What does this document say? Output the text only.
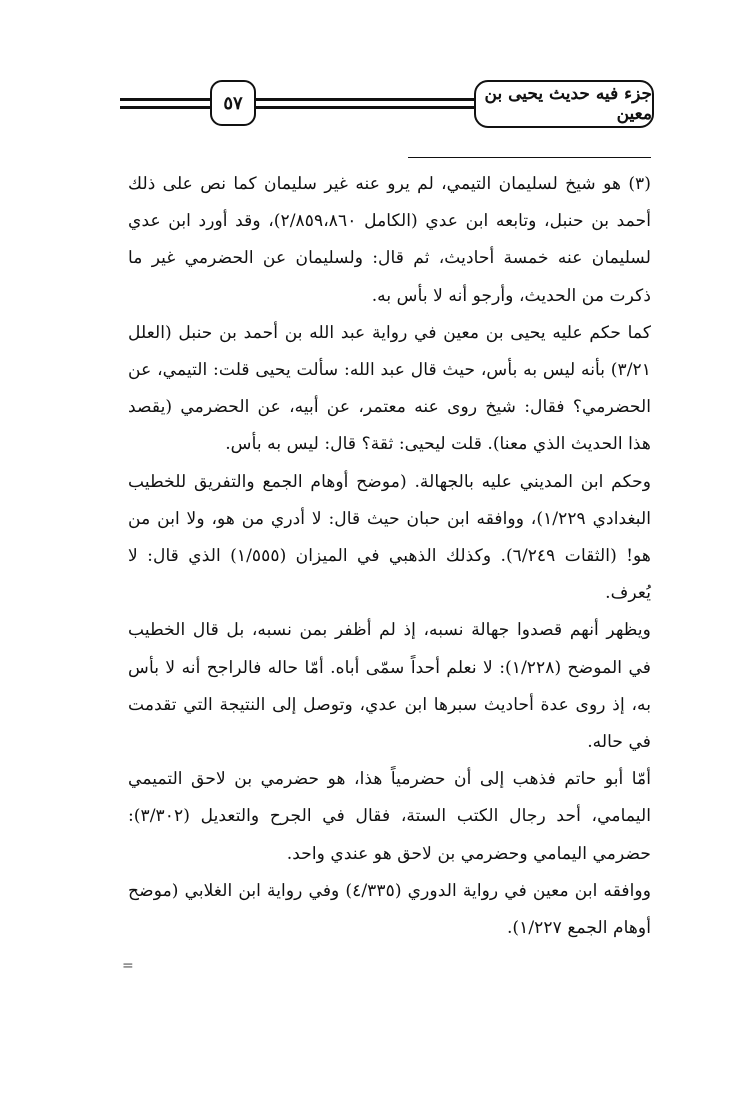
٥٧	جزء فيه حديث يحيى بن معين

(٣) هو شيخ لسليمان التيمي، لم يرو عنه غير سليمان كما نص على ذلك أحمد بن حنبل، وتابعه ابن عدي (الكامل ٢/٨٥٩،٨٦٠)، وقد أورد ابن عدي لسليمان عنه خمسة أحاديث، ثم قال: ولسليمان عن الحضرمي غير ما ذكرت من الحديث، وأرجو أنه لا بأس به.

كما حكم عليه يحيى بن معين في رواية عبد الله بن أحمد بن حنبل (العلل ٣/٢١) بأنه ليس به بأس، حيث قال عبد الله: سألت يحيى قلت: التيمي، عن الحضرمي؟ فقال: شيخ روى عنه معتمر، عن أبيه، عن الحضرمي (يقصد هذا الحديث الذي معنا). قلت ليحيى: ثقة؟ قال: ليس به بأس.

وحكم ابن المديني عليه بالجهالة. (موضح أوهام الجمع والتفريق للخطيب البغدادي ١/٢٢٩)، ووافقه ابن حبان حيث قال: لا أدري من هو، ولا ابن من هو! (الثقات ٦/٢٤٩). وكذلك الذهبي في الميزان (١/٥٥٥) الذي قال: لا يُعرف.

ويظهر أنهم قصدوا جهالة نسبه، إذ لم أظفر بمن نسبه، بل قال الخطيب في الموضح (١/٢٢٨): لا نعلم أحداً سمّى أباه. أمّا حاله فالراجح أنه لا بأس به، إذ روى عدة أحاديث سبرها ابن عدي، وتوصل إلى النتيجة التي تقدمت في حاله.

أمّا أبو حاتم فذهب إلى أن حضرمياً هذا، هو حضرمي بن لاحق التميمي اليمامي، أحد رجال الكتب الستة، فقال في الجرح والتعديل (٣/٣٠٢): حضرمي اليمامي وحضرمي بن لاحق هو عندي واحد.

ووافقه ابن معين في رواية الدوري (٤/٣٣٥) وفي رواية ابن الغلابي (موضح أوهام الجمع ١/٢٢٧).

=
